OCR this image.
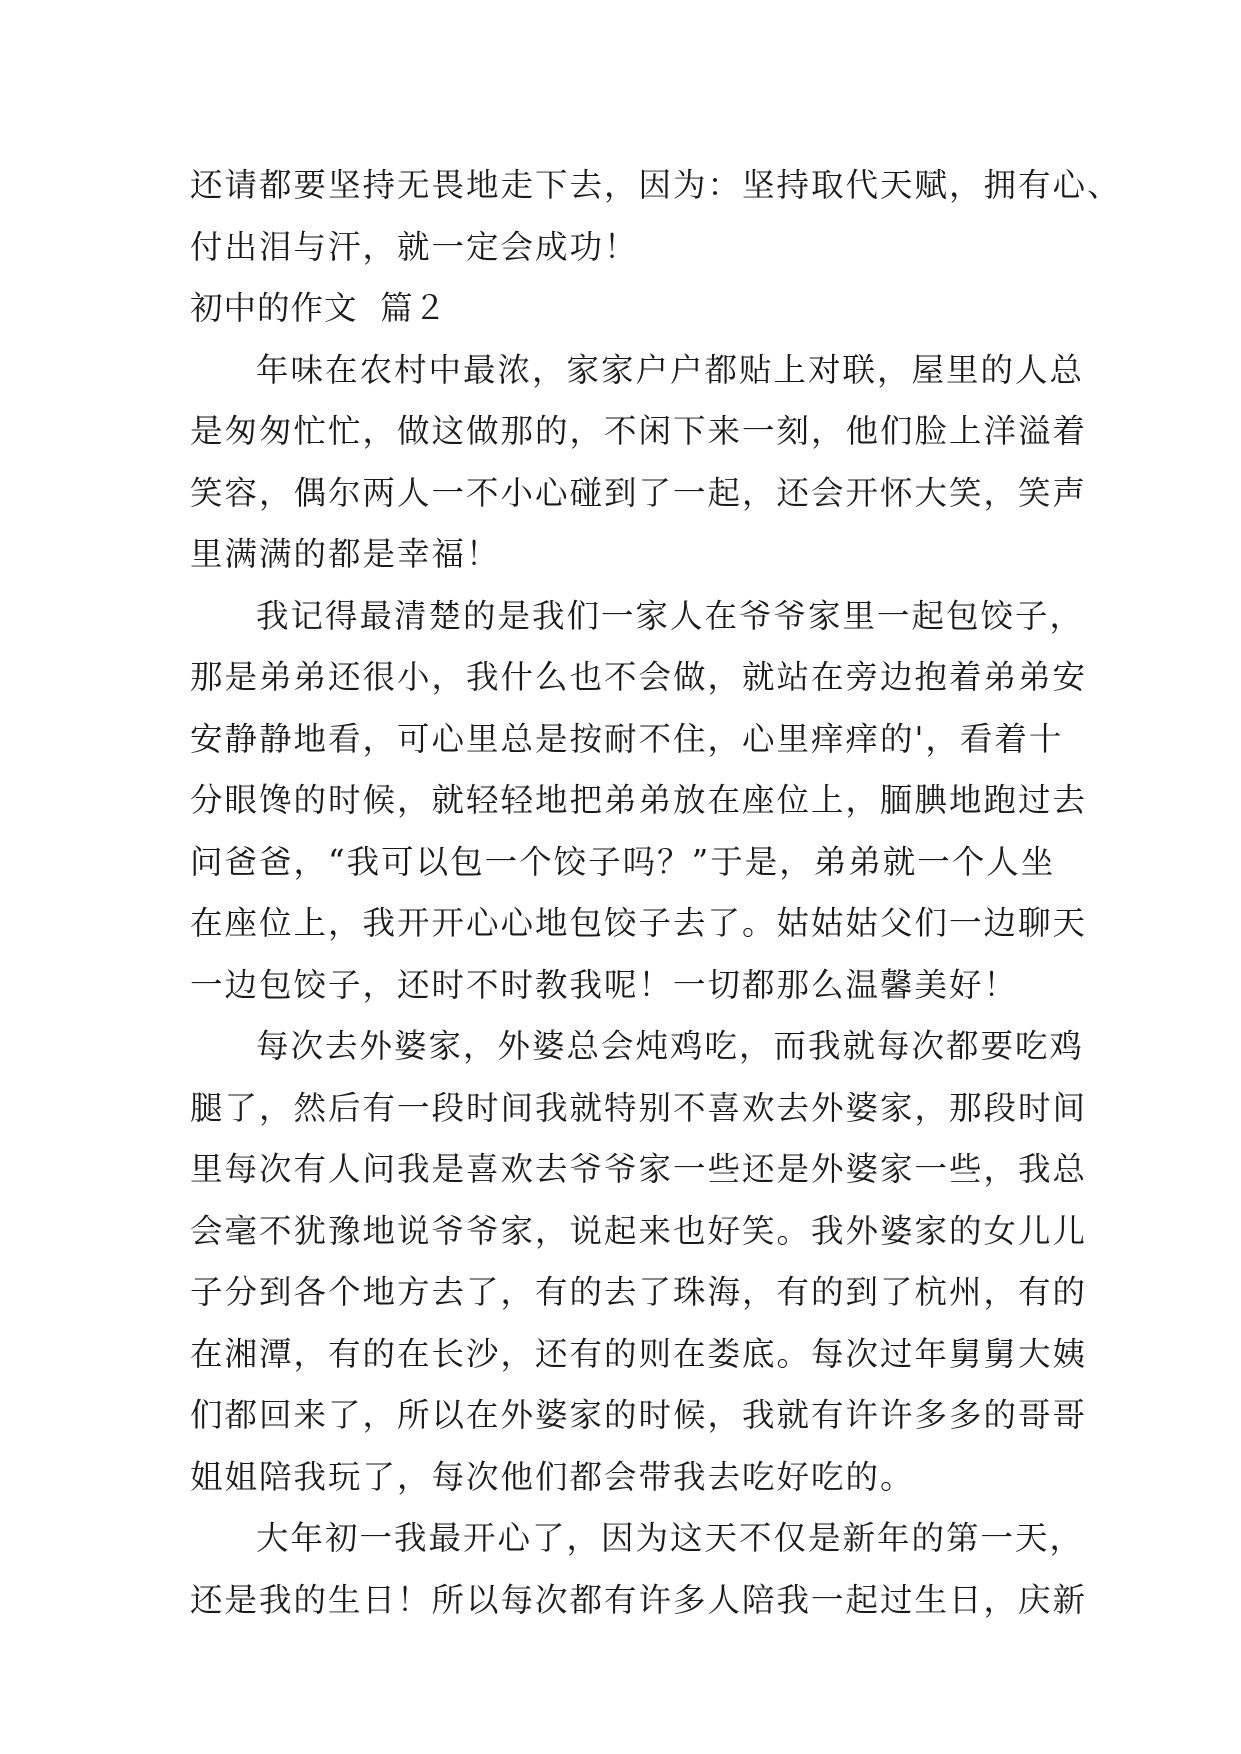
还请都要坚持无畏地走下去，因为：坚持取代天赋，拥有心、
付出泪与汗，就一定会成功！

初中的作文  篇２

年味在农村中最浓，家家户户都贴上对联，屋里的人总
是匆匆忙忙，做这做那的，不闲下来一刻，他们脸上洋溢着
笑容，偶尔两人一不小心碰到了一起，还会开怀大笑，笑声
里满满的都是幸福！

我记得最清楚的是我们一家人在爷爷家里一起包饺子，
那是弟弟还很小，我什么也不会做，就站在旁边抱着弟弟安
安静静地看，可心里总是按耐不住，心里痒痒的'，看着十
分眼馋的时候，就轻轻地把弟弟放在座位上，腼腆地跑过去
问爸爸，“我可以包一个饺子吗？”于是，弟弟就一个人坐
在座位上，我开开心心地包饺子去了。姑姑姑父们一边聊天
一边包饺子，还时不时教我呢！一切都那么温馨美好！

每次去外婆家，外婆总会炖鸡吃，而我就每次都要吃鸡
腿了，然后有一段时间我就特别不喜欢去外婆家，那段时间
里每次有人问我是喜欢去爷爷家一些还是外婆家一些，我总
会毫不犹豫地说爷爷家，说起来也好笑。我外婆家的女儿儿
子分到各个地方去了，有的去了珠海，有的到了杭州，有的
在湘潭，有的在长沙，还有的则在娄底。每次过年舅舅大姨
们都回来了，所以在外婆家的时候，我就有许许多多的哥哥
姐姐陪我玩了，每次他们都会带我去吃好吃的。

大年初一我最开心了，因为这天不仅是新年的第一天，
还是我的生日！所以每次都有许多人陪我一起过生日，庆新
